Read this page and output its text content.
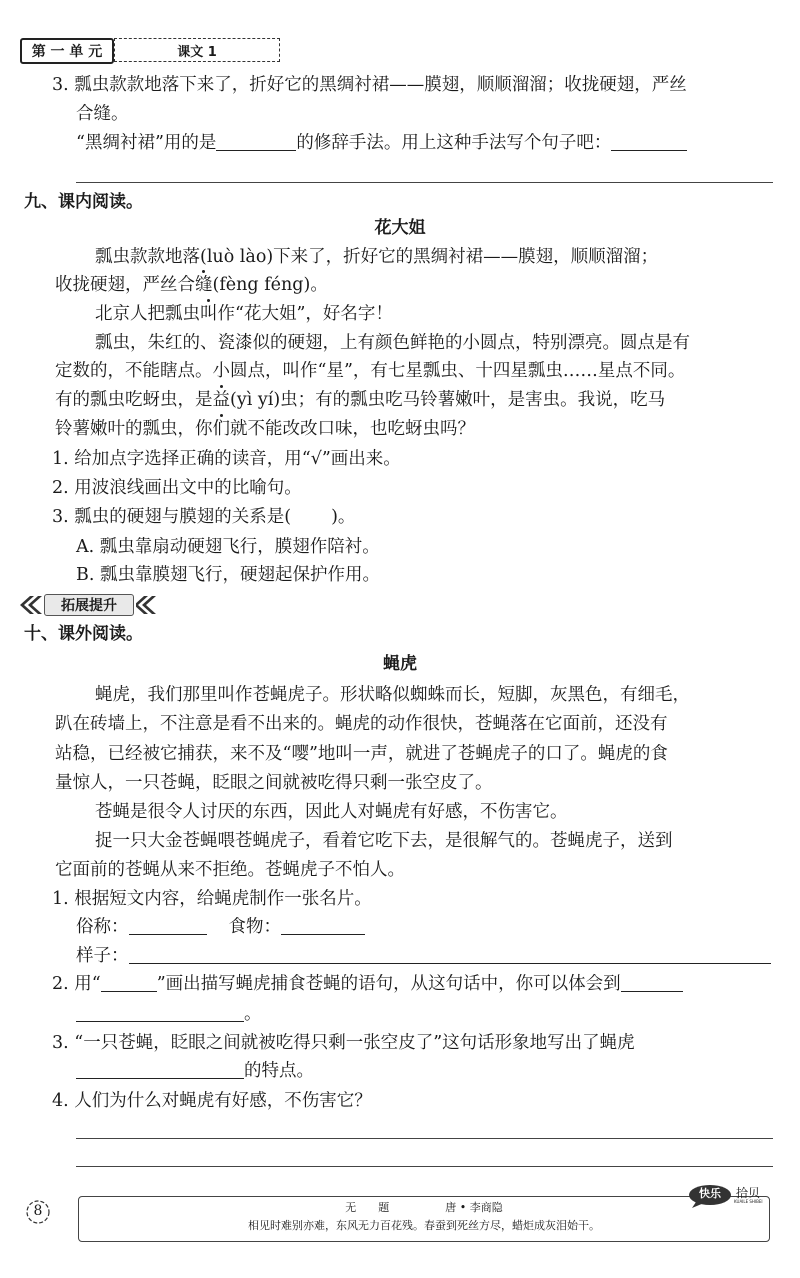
第 一 单 元	课文 1
3. 瓢虫款款地落下来了，折好它的黑绸衬裙——膜翅，顺顺溜溜；收拢硬翅，严丝
合缝。
“黑绸衬裙”用的是	的修辞手法。用上这种手法写个句子吧：
九、课内阅读。
花大姐
瓢虫款款地落(luò lào)下来了，折好它的黑绸衬裙——膜翅，顺顺溜溜；
收拢硬翅，严丝合缝(fèng féng)。
北京人把瓢虫叫作“花大姐”，好名字！
瓢虫，朱红的、瓷漆似的硬翅，上有颜色鲜艳的小圆点，特别漂亮。圆点是有
定数的，不能瞎点。小圆点，叫作“星”，有七星瓢虫、十四星瓢虫……星点不同。
有的瓢虫吃蚜虫，是益(yì yí)虫；有的瓢虫吃马铃薯嫩叶，是害虫。我说，吃马
铃薯嫩叶的瓢虫，你们就不能改改口味，也吃蚜虫吗？
1. 给加点字选择正确的读音，用“√”画出来。
2. 用波浪线画出文中的比喻句。
3. 瓢虫的硬翅与膜翅的关系是( )。
A. 瓢虫靠扇动硬翅飞行，膜翅作陪衬。
B. 瓢虫靠膜翅飞行，硬翅起保护作用。
拓展提升
十、课外阅读。
蝇虎
蝇虎，我们那里叫作苍蝇虎子。形状略似蜘蛛而长，短脚，灰黑色，有细毛，
趴在砖墙上，不注意是看不出来的。蝇虎的动作很快，苍蝇落在它面前，还没有
站稳，已经被它捕获，来不及“嘤”地叫一声，就进了苍蝇虎子的口了。蝇虎的食
量惊人，一只苍蝇，眨眼之间就被吃得只剩一张空皮了。
苍蝇是很令人讨厌的东西，因此人对蝇虎有好感，不伤害它。
捉一只大金苍蝇喂苍蝇虎子，看着它吃下去，是很解气的。苍蝇虎子，送到
它面前的苍蝇从来不拒绝。苍蝇虎子不怕人。
1. 根据短文内容，给蝇虎制作一张名片。
俗称：	食物：
样子：
2. 用“	”画出描写蝇虎捕食苍蝇的语句，从这句话中，你可以体会到
。
3. “一只苍蝇，眨眼之间就被吃得只剩一张空皮了”这句话形象地写出了蝇虎
的特点。
4. 人们为什么对蝇虎有好感，不伤害它？
8	无　　题	唐 • 李商隐
相见时难别亦难，东风无力百花残。春蚕到死丝方尽，蜡炬成灰泪始干。
快乐	拾贝
KUAILE SHIBEI
